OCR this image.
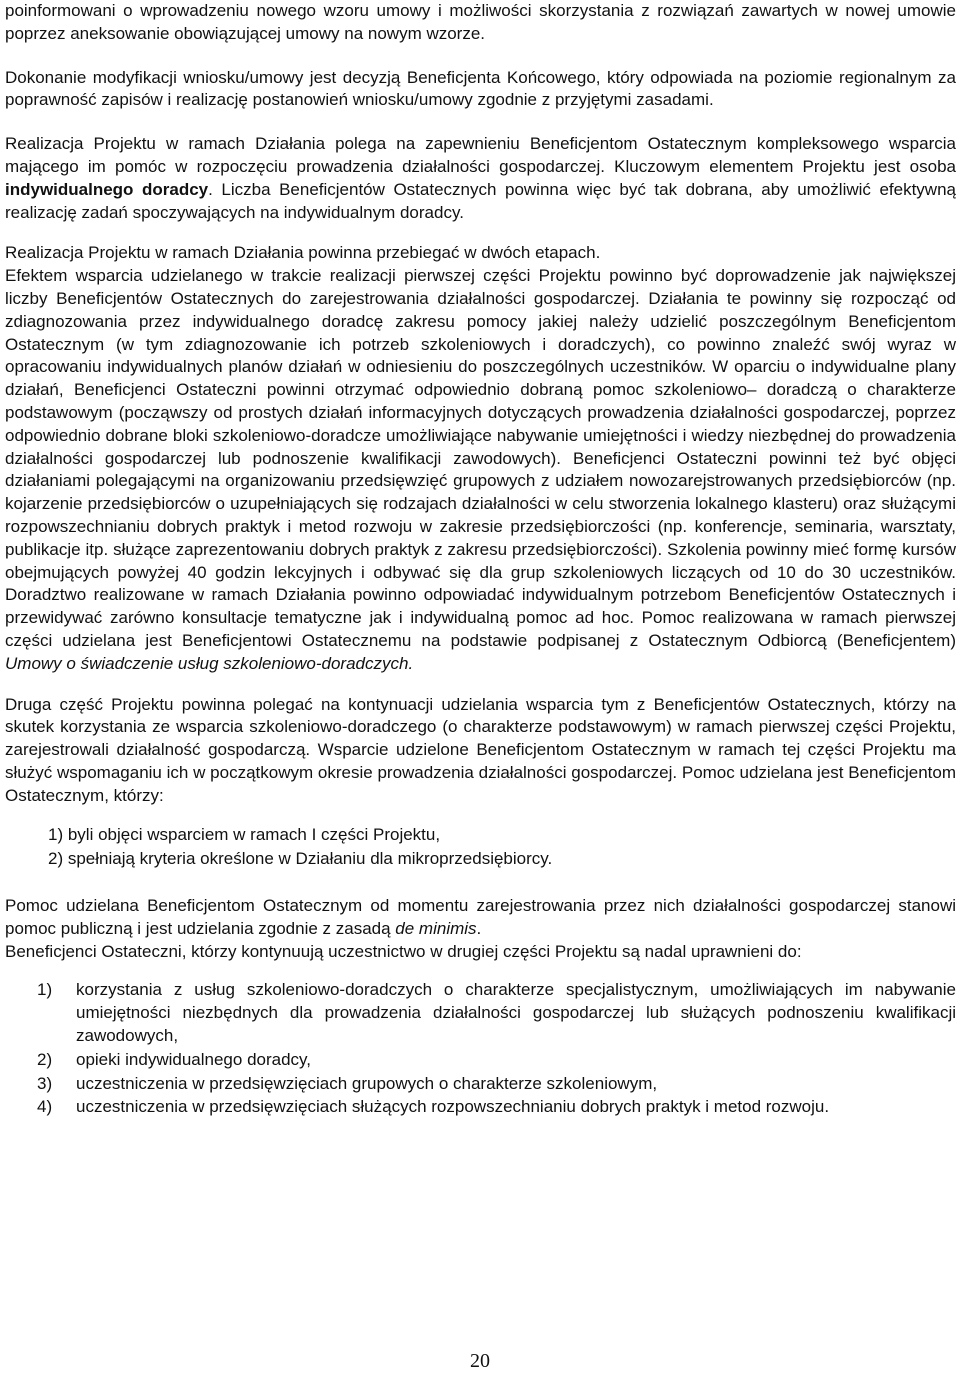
poinformowani o wprowadzeniu nowego wzoru umowy i możliwości skorzystania z rozwiązań zawartych w nowej umowie poprzez aneksowanie obowiązującej umowy na nowym wzorze.

Dokonanie modyfikacji wniosku/umowy jest decyzją Beneficjenta Końcowego, który odpowiada na poziomie regionalnym za poprawność zapisów i realizację postanowień wniosku/umowy zgodnie z przyjętymi zasadami.

Realizacja Projektu w ramach Działania polega na zapewnieniu Beneficjentom Ostatecznym kompleksowego wsparcia mającego im pomóc w rozpoczęciu prowadzenia działalności gospodarczej. Kluczowym elementem Projektu jest osoba indywidualnego doradcy. Liczba Beneficjentów Ostatecznych powinna więc być tak dobrana, aby umożliwić efektywną realizację zadań spoczywających na indywidualnym doradcy.

Realizacja Projektu w ramach Działania powinna przebiegać w dwóch etapach.

Efektem wsparcia udzielanego w trakcie realizacji pierwszej części Projektu powinno być doprowadzenie jak największej liczby Beneficjentów Ostatecznych do zarejestrowania działalności gospodarczej. Działania te powinny się rozpocząć od zdiagnozowania przez indywidualnego doradcę zakresu pomocy jakiej należy udzielić poszczególnym Beneficjentom Ostatecznym (w tym zdiagnozowanie ich potrzeb szkoleniowych i doradczych), co powinno znaleźć swój wyraz w opracowaniu indywidualnych planów działań w odniesieniu do poszczególnych uczestników. W oparciu o indywidualne plany działań, Beneficjenci Ostateczni powinni otrzymać odpowiednio dobraną pomoc szkoleniowo– doradczą o charakterze podstawowym (począwszy od prostych działań informacyjnych dotyczących prowadzenia działalności gospodarczej, poprzez odpowiednio dobrane bloki szkoleniowo-doradcze umożliwiające nabywanie umiejętności i wiedzy niezbędnej do prowadzenia działalności gospodarczej lub podnoszenie kwalifikacji zawodowych). Beneficjenci Ostateczni powinni też być objęci działaniami polegającymi na organizowaniu przedsięwzięć grupowych z udziałem nowozarejstrowanych przedsiębiorców (np. kojarzenie przedsiębiorców o uzupełniających się rodzajach działalności w celu stworzenia lokalnego klasteru) oraz służącymi rozpowszechnianiu dobrych praktyk i metod rozwoju w zakresie przedsiębiorczości (np. konferencje, seminaria, warsztaty, publikacje itp. służące zaprezentowaniu dobrych praktyk z zakresu przedsiębiorczości). Szkolenia powinny mieć formę kursów obejmujących powyżej 40 godzin lekcyjnych i odbywać się dla grup szkoleniowych liczących od 10 do 30 uczestników. Doradztwo realizowane w ramach Działania powinno odpowiadać indywidualnym potrzebom Beneficjentów Ostatecznych i przewidywać zarówno konsultacje tematyczne jak i indywidualną pomoc ad hoc. Pomoc realizowana w ramach pierwszej części udzielana jest Beneficjentowi Ostatecznemu na podstawie podpisanej z Ostatecznym Odbiorcą (Beneficjentem) Umowy o świadczenie usług szkoleniowo-doradczych.

Druga część Projektu powinna polegać na kontynuacji udzielania wsparcia tym z Beneficjentów Ostatecznych, którzy na skutek korzystania ze wsparcia szkoleniowo-doradczego (o charakterze podstawowym) w ramach pierwszej części Projektu, zarejestrowali działalność gospodarczą. Wsparcie udzielone Beneficjentom Ostatecznym w ramach tej części Projektu ma służyć wspomaganiu ich w początkowym okresie prowadzenia działalności gospodarczej. Pomoc udzielana jest Beneficjentom Ostatecznym, którzy:

1) byli objęci wsparciem w ramach I części Projektu,
2) spełniają kryteria określone w Działaniu dla mikroprzedsiębiorcy.

Pomoc udzielana Beneficjentom Ostatecznym od momentu zarejestrowania przez nich działalności gospodarczej stanowi pomoc publiczną i jest udzielania zgodnie z zasadą de minimis.

Beneficjenci Ostateczni, którzy kontynuują uczestnictwo w drugiej części Projektu są nadal uprawnieni do:

1) korzystania z usług szkoleniowo-doradczych o charakterze specjalistycznym, umożliwiających im nabywanie umiejętności niezbędnych dla prowadzenia działalności gospodarczej lub służących podnoszeniu kwalifikacji zawodowych,
2) opieki indywidualnego doradcy,
3) uczestniczenia w przedsięwzięciach grupowych o charakterze szkoleniowym,
4) uczestniczenia w przedsięwzięciach służących rozpowszechnianiu dobrych praktyk i metod rozwoju.
20
